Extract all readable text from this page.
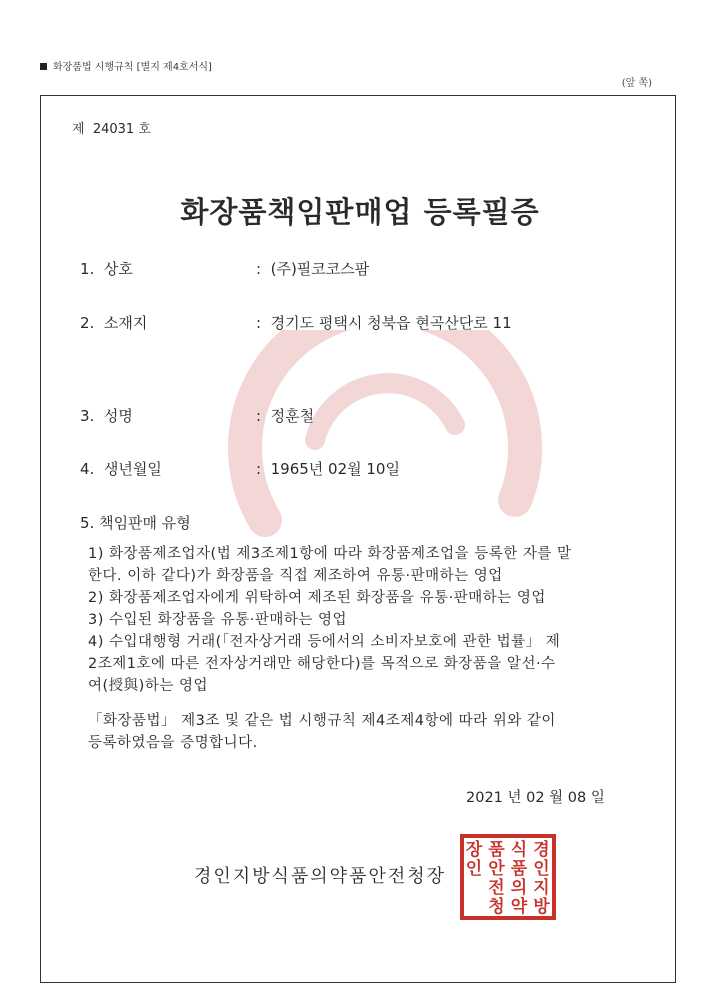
화장품법 시행규칙 [별지 제4호서식]
(앞 쪽)
제 24031 호
화장품책임판매업 등록필증
1. 상호	: (주)필코코스팜
2. 소재지	: 경기도 평택시 청북읍 현곡산단로 11
3. 성명	: 정훈철
4. 생년월일	: 1965년 02월 10일
5. 책임판매 유형
1) 화장품제조업자(법 제3조제1항에 따라 화장품제조업을 등록한 자를 말
한다. 이하 같다)가 화장품을 직접 제조하여 유통·판매하는 영업
2) 화장품제조업자에게 위탁하여 제조된 화장품을 유통·판매하는 영업
3) 수입된 화장품을 유통·판매하는 영업
4) 수입대행형 거래(「전자상거래 등에서의 소비자보호에 관한 법률」 제
2조제1호에 따른 전자상거래만 해당한다)를 목적으로 화장품을 알선·수
여(授與)하는 영업
「화장품법」 제3조 및 같은 법 시행규칙 제4조제4항에 따라 위와 같이
등록하였음을 증명합니다.
2021 년 02 월 08 일
경인지방식품의약품안전청장
경
인
지
방
식
품
의
약
품
안
전
청
장
인
